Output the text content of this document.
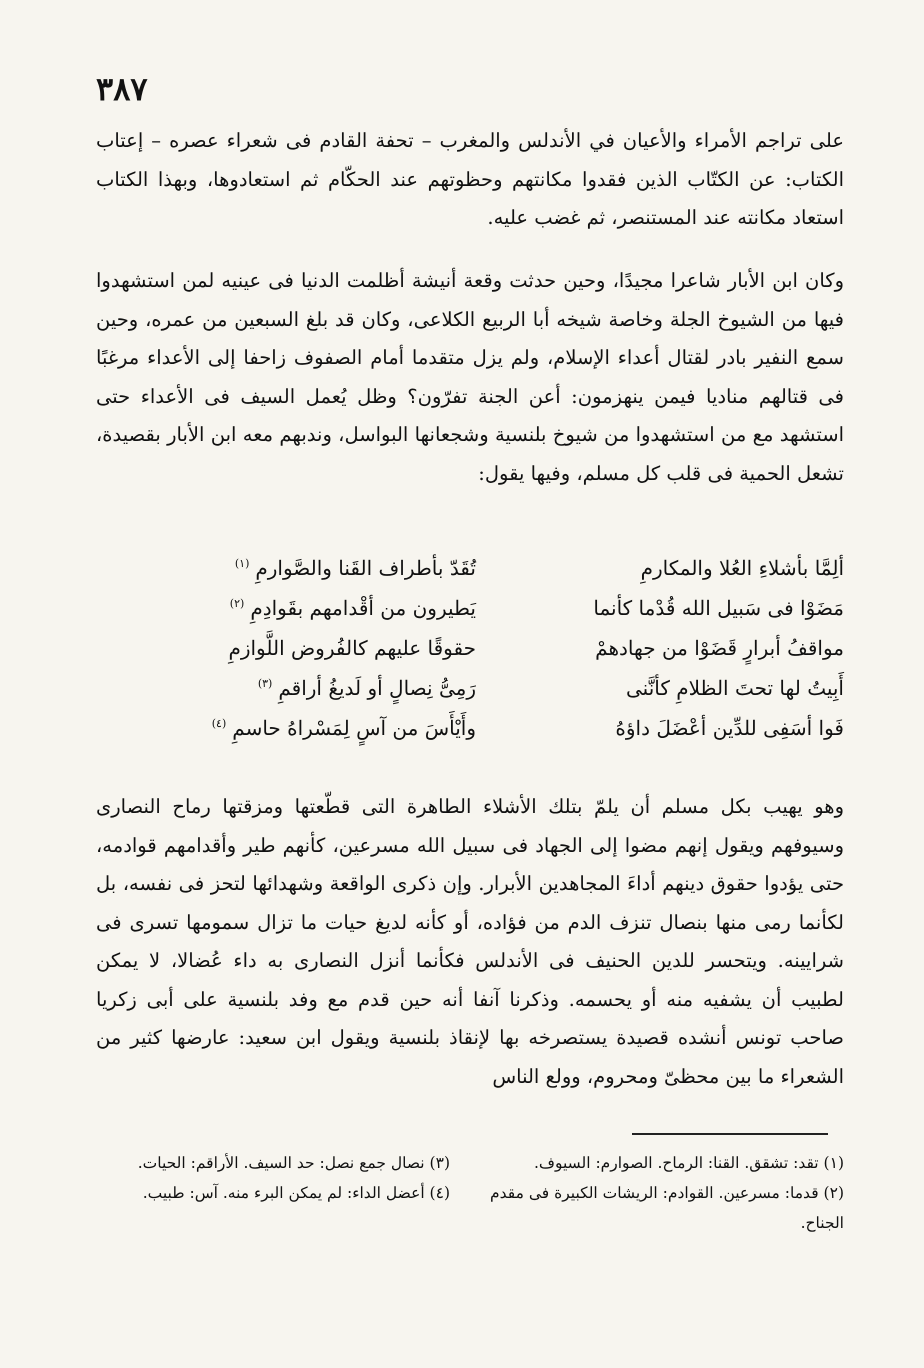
٣٨٧
على تراجم الأمراء والأعيان في الأندلس والمغرب – تحفة القادم فى شعراء عصره – إعتاب الكتاب: عن الكتّاب الذين فقدوا مكانتهم وحظوتهم عند الحكّام ثم استعادوها، وبهذا الكتاب استعاد مكانته عند المستنصر، ثم غضب عليه.
وكان ابن الأبار شاعرا مجيدًا، وحين حدثت وقعة أنيشة أظلمت الدنيا فى عينيه لمن استشهدوا فيها من الشيوخ الجلة وخاصة شيخه أبا الربيع الكلاعى، وكان قد بلغ السبعين من عمره، وحين سمع النفير بادر لقتال أعداء الإسلام، ولم يزل متقدما أمام الصفوف زاحفا إلى الأعداء مرغبًا فى قتالهم مناديا فيمن ينهزمون: أعن الجنة تفرّون؟ وظل يُعمل السيف فى الأعداء حتى استشهد مع من استشهدوا من شيوخ بلنسية وشجعانها البواسل، وندبهم معه ابن الأبار بقصيدة، تشعل الحمية فى قلب كل مسلم، وفيها يقول:
ألِمَّا بأشلاءِ العُلا والمكارمِ
تُقَدّ بأطراف القَنا والصَّوارمِ$^{(١)}$
مَضَوْا فى سَبيل الله قُدْما كأنما
يَطيرون من أقْدامهم بقَوادِمِ$^{(٢)}$
مواقفُ أبرارٍ قَضَوْا من جهادهمْ
حقوقًا عليهم كالفُروض اللَّوازمِ
أَبِيتُ لها تحتَ الظلامِ كأنَّنى
رَمِىُّ نِصالٍ أو لَديغُ أراقمِ$^{(٣)}$
فَوا أسَفِى للدِّين أعْضَلَ داؤهُ
وأَيْأَسَ من آسٍ لِمَسْراهُ حاسمِ$^{(٤)}$
وهو يهيب بكل مسلم أن يلمّ بتلك الأشلاء الطاهرة التى قطّعتها ومزقتها رماح النصارى وسيوفهم ويقول إنهم مضوا إلى الجهاد فى سبيل الله مسرعين، كأنهم طير وأقدامهم قوادمه، حتى يؤدوا حقوق دينهم أداءَ المجاهدين الأبرار. وإن ذكرى الواقعة وشهدائها لتحز فى نفسه، بل لكأنما رمى منها بنصال تنزف الدم من فؤاده، أو كأنه لديغ حيات ما تزال سمومها تسرى فى شرايينه. ويتحسر للدين الحنيف فى الأندلس فكأنما أنزل النصارى به داء عُضالا، لا يمكن لطبيب أن يشفيه منه أو يحسمه. وذكرنا آنفا أنه حين قدم مع وفد بلنسية على أبى زكريا صاحب تونس أنشده قصيدة يستصرخه بها لإنقاذ بلنسية ويقول ابن سعيد: عارضها كثير من الشعراء ما بين محظىّ ومحروم، وولع الناس

(١) تقد: تشقق. القنا: الرماح. الصوارم: السيوف.

(٢) قدما: مسرعين. القوادم: الريشات الكبيرة فى مقدم الجناح.

(٣) نصال جمع نصل: حد السيف. الأراقم: الحيات.

(٤) أعضل الداء: لم يمكن البرء منه. آس: طبيب.
